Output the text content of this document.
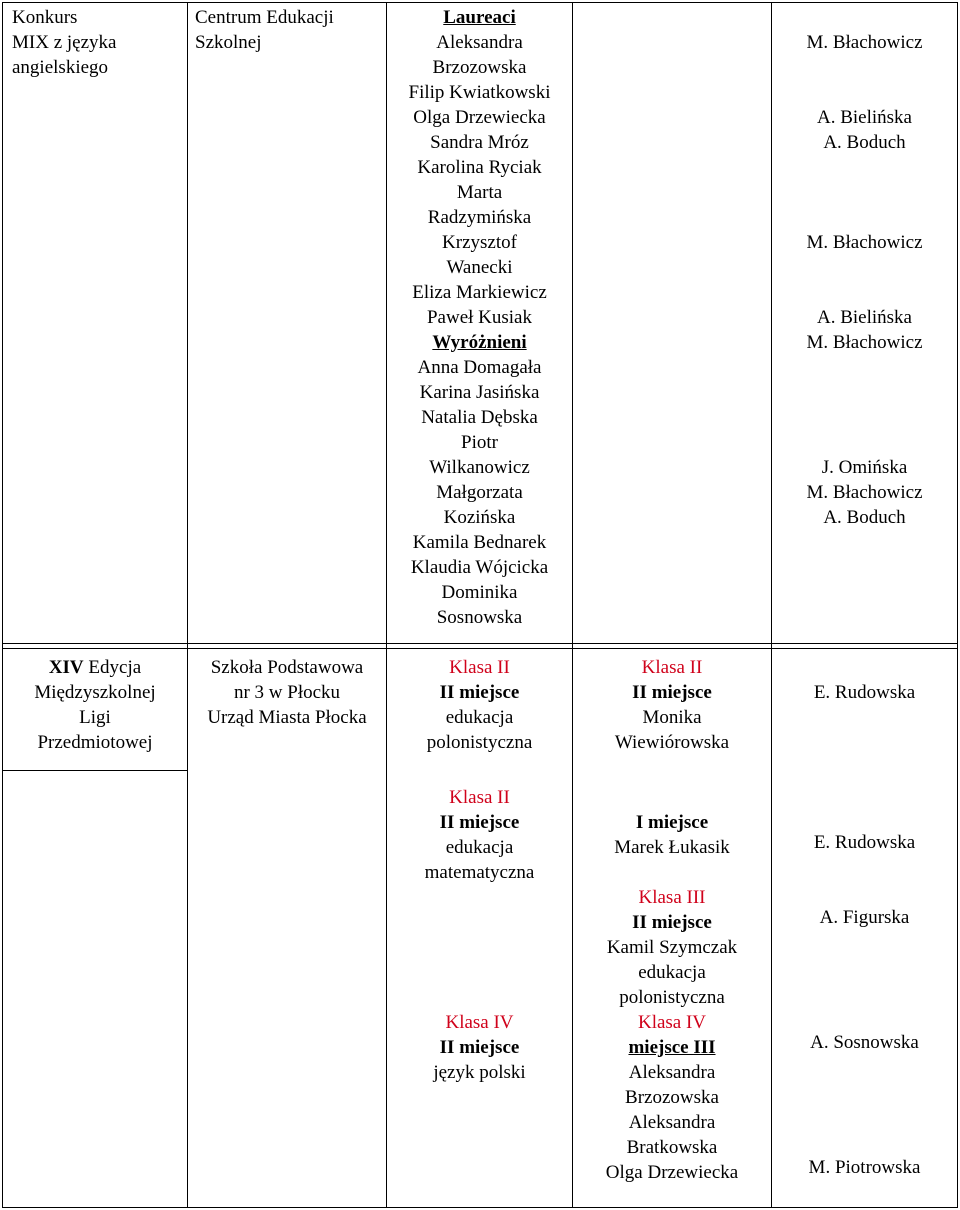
Konkurs
MIX z języka
angielskiego
Centrum Edukacji
Szkolnej
Laureaci
Aleksandra
Brzozowska
Filip Kwiatkowski
Olga Drzewiecka
Sandra Mróz
Karolina Ryciak
Marta
Radzymińska
Krzysztof
Wanecki
Eliza Markiewicz
Paweł Kusiak
Wyróżnieni
Anna Domagała
Karina Jasińska
Natalia Dębska
Piotr
Wilkanowicz
Małgorzata
Kozińska
Kamila Bednarek
Klaudia Wójcicka
Dominika
Sosnowska
M. Błachowicz
A. Bielińska
A. Boduch
M. Błachowicz
A. Bielińska
M. Błachowicz
J. Omińska
M. Błachowicz
A. Boduch
XIV Edycja
Międzyszkolnej
Ligi
Przedmiotowej
Szkoła Podstawowa
nr 3 w Płocku
Urząd Miasta Płocka
Klasa II
II miejsce
edukacja
polonistyczna
Klasa II
II miejsce
edukacja
matematyczna
Klasa IV
II miejsce
język polski
Klasa II
II miejsce
Monika
Wiewiórowska
I miejsce
Marek Łukasik
Klasa III
II miejsce
Kamil Szymczak
edukacja
polonistyczna
Klasa IV
miejsce III
Aleksandra
Brzozowska
Aleksandra
Bratkowska
Olga Drzewiecka
E. Rudowska
E. Rudowska
A. Figurska
A. Sosnowska
M. Piotrowska
